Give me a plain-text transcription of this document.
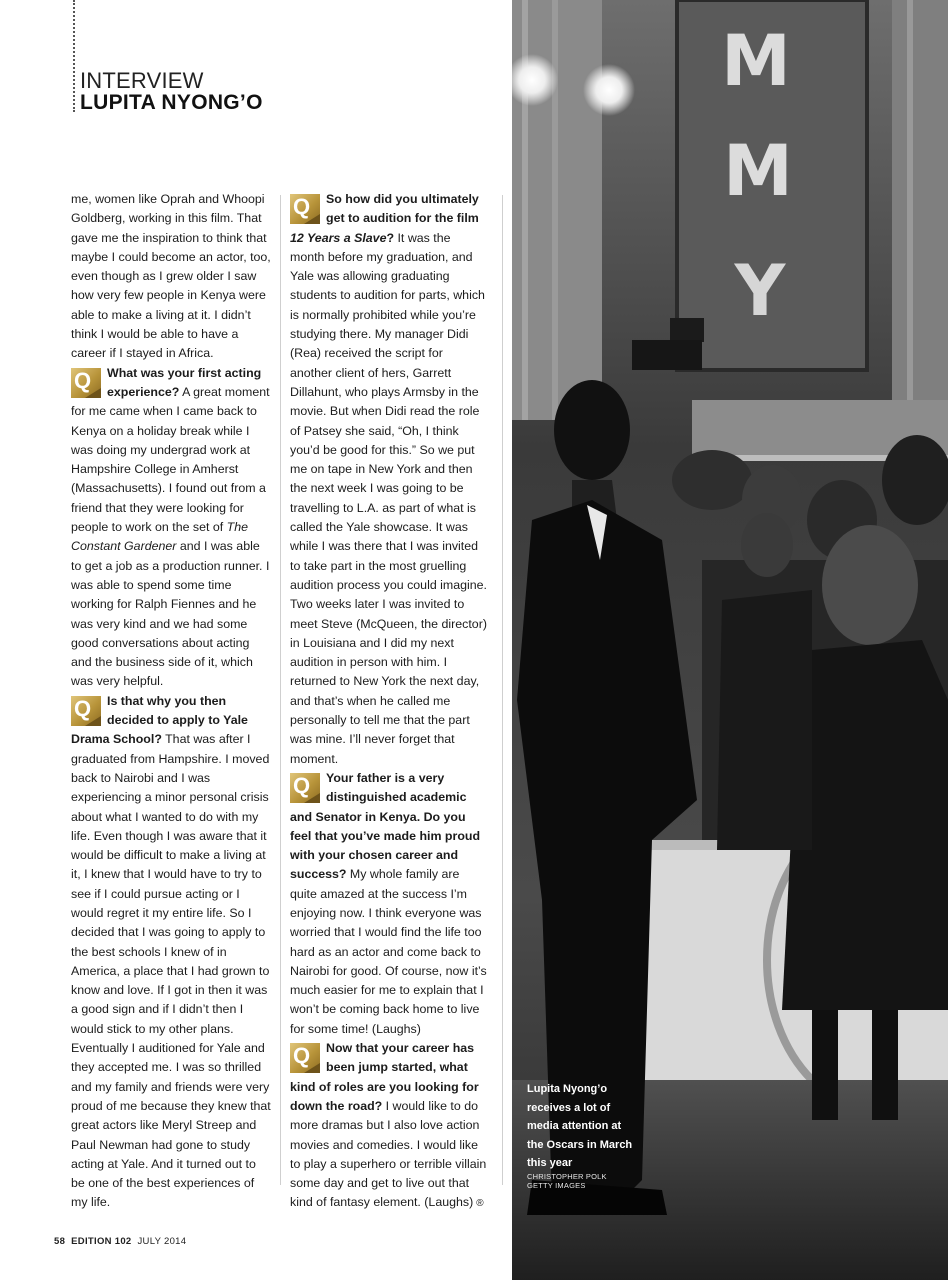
INTERVIEW
LUPITA NYONG’O

me, women like Oprah and Whoopi Goldberg, working in this film. That gave me the inspiration to think that maybe I could become an actor, too, even though as I grew older I saw how very few people in Kenya were able to make a living at it. I didn’t think I would be able to have a career if I stayed in Africa.

Q What was your first acting experience? A great moment for me came when I came back to Kenya on a holiday break while I was doing my undergrad work at Hampshire College in Amherst (Massachusetts). I found out from a friend that they were looking for people to work on the set of The Constant Gardener and I was able to get a job as a production runner. I was able to spend some time working for Ralph Fiennes and he was very kind and we had some good conversations about acting and the business side of it, which was very helpful.

Q Is that why you then decided to apply to Yale Drama School? That was after I graduated from Hampshire. I moved back to Nairobi and I was experiencing a minor personal crisis about what I wanted to do with my life. Even though I was aware that it would be difficult to make a living at it, I knew that I would have to try to see if I could pursue acting or I would regret it my entire life. So I decided that I was going to apply to the best schools I knew of in America, a place that I had grown to know and love. If I got in then it was a good sign and if I didn’t then I would stick to my other plans. Eventually I auditioned for Yale and they accepted me. I was so thrilled and my family and friends were very proud of me because they knew that great actors like Meryl Streep and Paul Newman had gone to study acting at Yale. And it turned out to be one of the best experiences of my life.

Q So how did you ultimately get to audition for the film 12 Years a Slave? It was the month before my graduation, and Yale was allowing graduating students to audition for parts, which is normally prohibited while you’re studying there. My manager Didi (Rea) received the script for another client of hers, Garrett Dillahunt, who plays Armsby in the movie. But when Didi read the role of Patsey she said, “Oh, I think you’d be good for this.” So we put me on tape in New York and then the next week I was going to be travelling to L.A. as part of what is called the Yale showcase. It was while I was there that I was invited to take part in the most gruelling audition process you could imagine. Two weeks later I was invited to meet Steve (McQueen, the director) in Louisiana and I did my next audition in person with him. I returned to New York the next day, and that’s when he called me personally to tell me that the part was mine. I’ll never forget that moment.

Q Your father is a very distinguished academic and Senator in Kenya. Do you feel that you’ve made him proud with your chosen career and success? My whole family are quite amazed at the success I’m enjoying now. I think everyone was worried that I would find the life too hard as an actor and come back to Nairobi for good. Of course, now it’s much easier for me to explain that I won’t be coming back home to live for some time! (Laughs)

Q Now that your career has been jump started, what kind of roles are you looking for down the road? I would like to do more dramas but I also love action movies and comedies. I would like to play a superhero or terrible villain some day and get to live out that kind of fantasy element. (Laughs) ®

58 EDITION 102 JULY 2014
M
M
Y
Lupita Nyong’o receives a lot of media attention at the Oscars in March this year
CHRISTOPHER POLK
GETTY IMAGES
